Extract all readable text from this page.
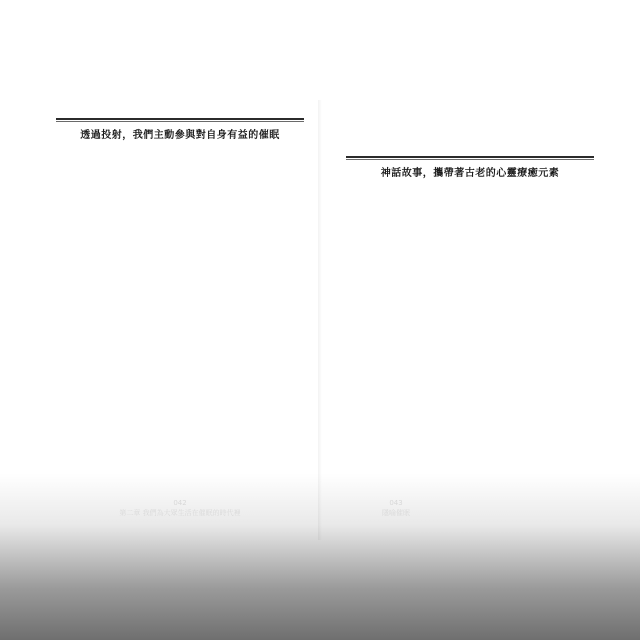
透過投射，我們主動參與對自身有益的催眠

神話故事，攜帶著古老的心靈療癒元素

042
第二章 我們為大眾生活在催眠的時代裡
043
隱喻催眠
